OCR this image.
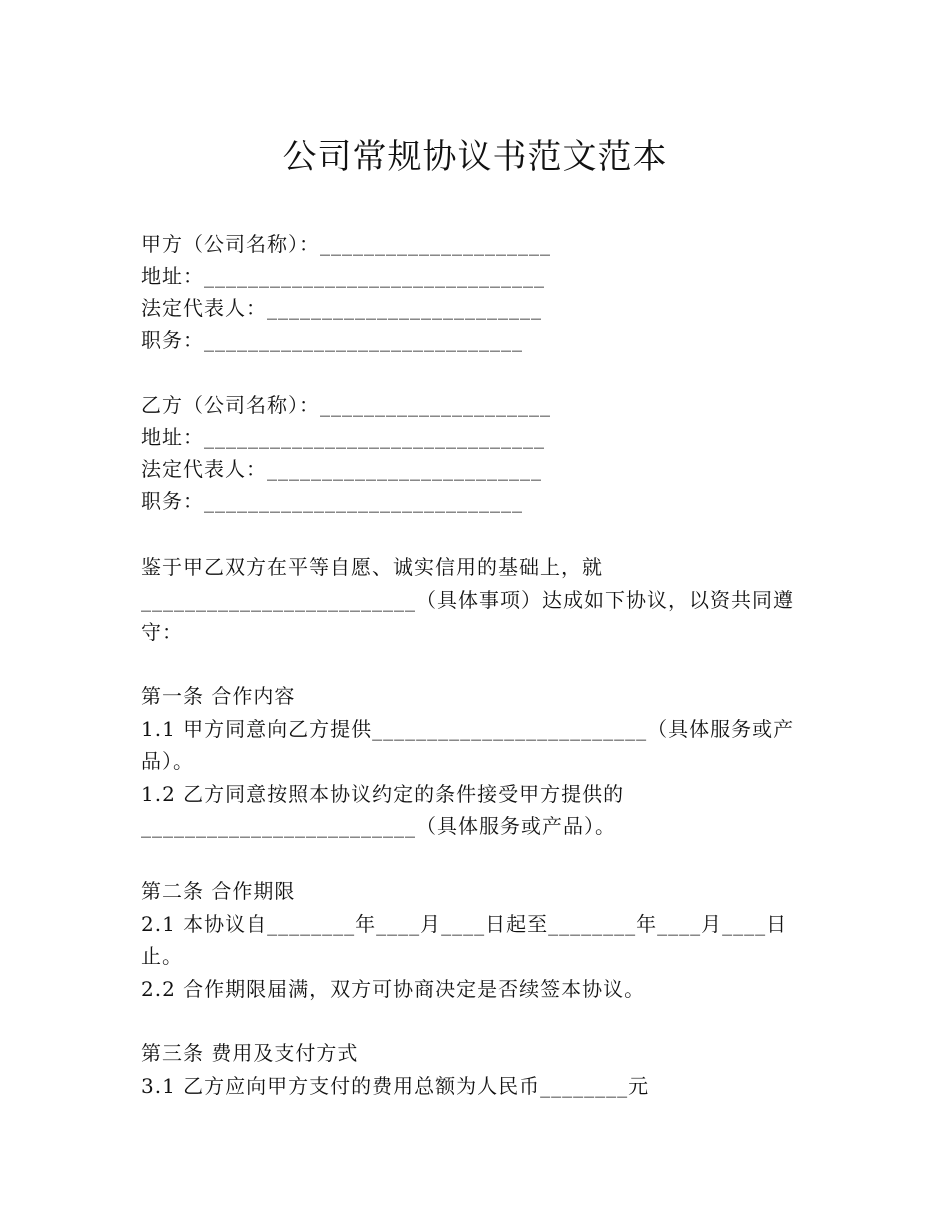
公司常规协议书范文范本
甲方（公司名称）：_____________________
地址：_______________________________
法定代表人：_________________________
职务：_____________________________
乙方（公司名称）：_____________________
地址：_______________________________
法定代表人：_________________________
职务：_____________________________
鉴于甲乙双方在平等自愿、诚实信用的基础上，就
_________________________（具体事项）达成如下协议，以资共同遵
守：
第一条 合作内容
1.1 甲方同意向乙方提供_________________________（具体服务或产
品）。
1.2 乙方同意按照本协议约定的条件接受甲方提供的
_________________________（具体服务或产品）。
第二条 合作期限
2.1 本协议自________年____月____日起至________年____月____日
止。
2.2 合作期限届满，双方可协商决定是否续签本协议。
第三条 费用及支付方式
3.1 乙方应向甲方支付的费用总额为人民币________元
